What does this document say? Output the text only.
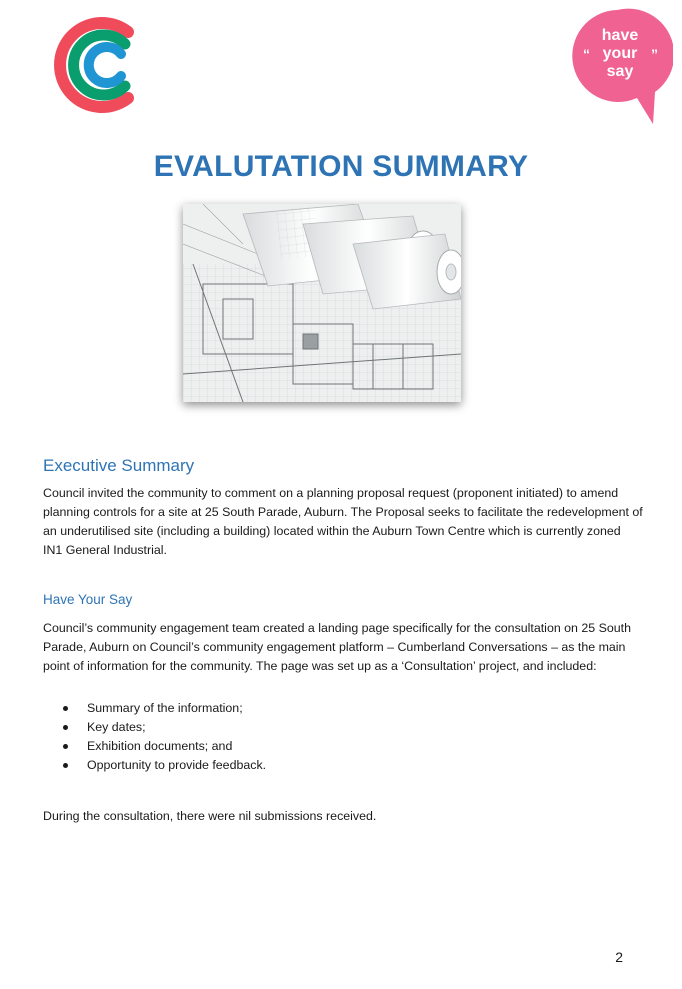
have
your
say
“	”
EVALUTATION SUMMARY
Executive Summary
Council invited the community to comment on a planning proposal request (proponent initiated) to amend planning controls for a site at 25 South Parade, Auburn. The Proposal seeks to facilitate the redevelopment of an underutilised site (including a building) located within the Auburn Town Centre which is currently zoned IN1 General Industrial.
Have Your Say
Council’s community engagement team created a landing page specifically for the consultation on 25 South Parade, Auburn on Council’s community engagement platform – Cumberland Conversations – as the main point of information for the community. The page was set up as a ‘Consultation’ project, and included:
Summary of the information;
Key dates;
Exhibition documents; and
Opportunity to provide feedback.
During the consultation, there were nil submissions received.
2
